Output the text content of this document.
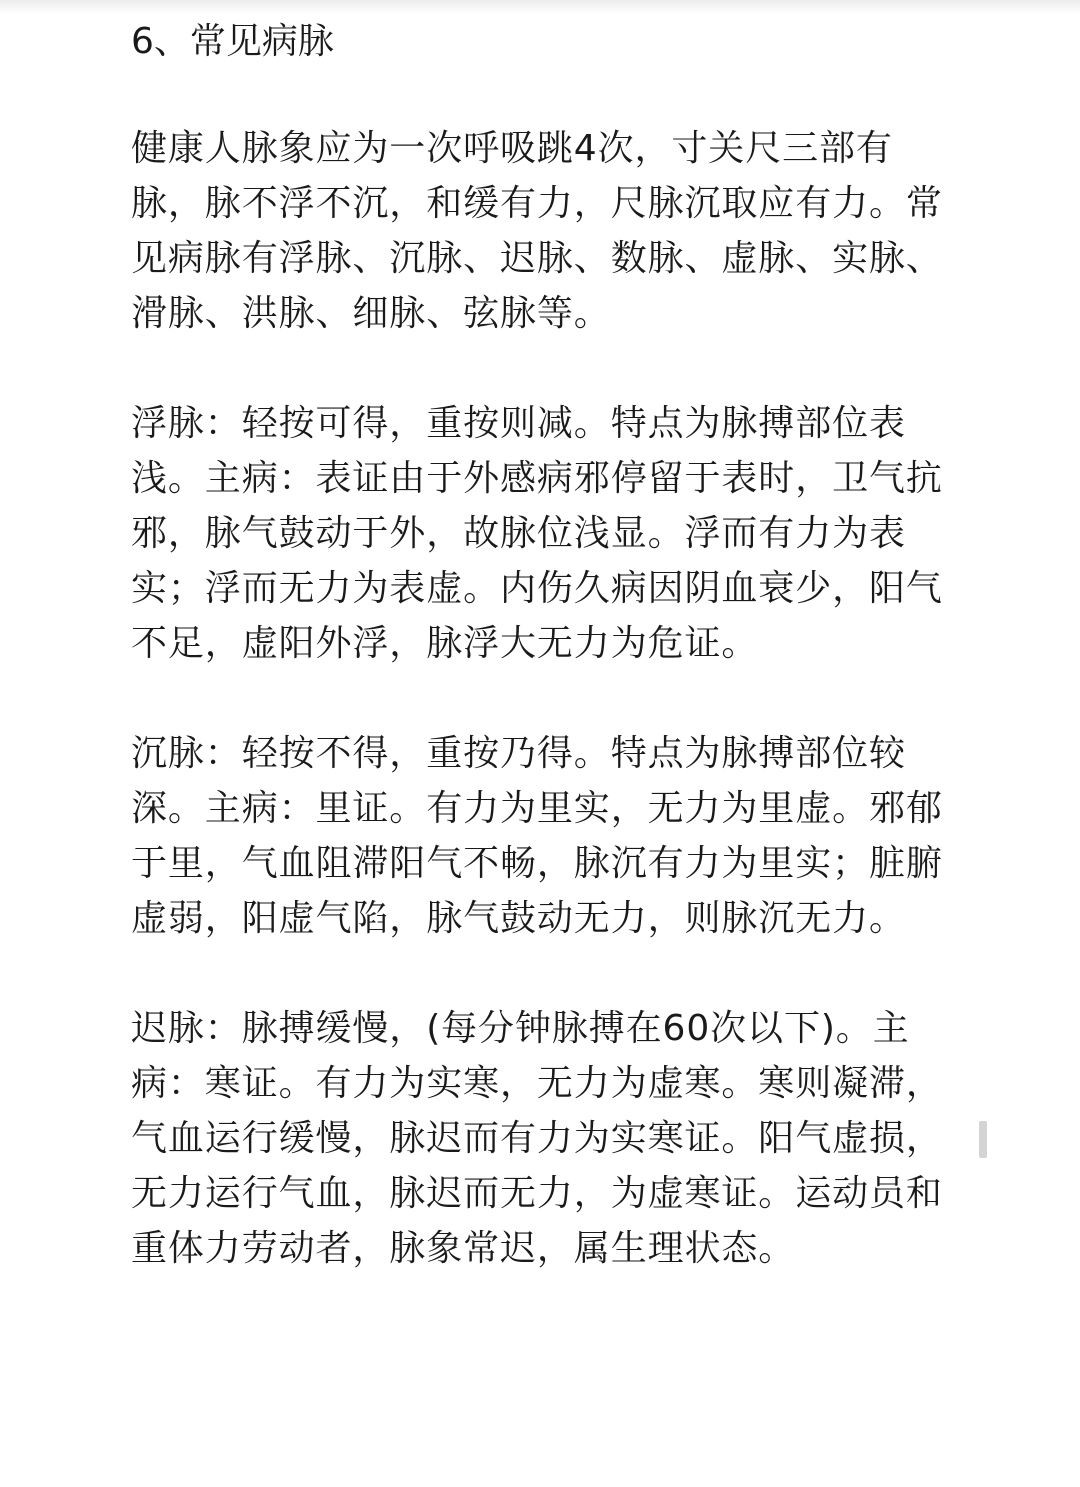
6、常见病脉

健康人脉象应为一次呼吸跳4次，寸关尺三部有脉，脉不浮不沉，和缓有力，尺脉沉取应有力。常见病脉有浮脉、沉脉、迟脉、数脉、虚脉、实脉、滑脉、洪脉、细脉、弦脉等。

浮脉：轻按可得，重按则减。特点为脉搏部位表浅。主病：表证由于外感病邪停留于表时，卫气抗邪，脉气鼓动于外，故脉位浅显。浮而有力为表实；浮而无力为表虚。内伤久病因阴血衰少，阳气不足，虚阳外浮，脉浮大无力为危证。

沉脉：轻按不得，重按乃得。特点为脉搏部位较深。主病：里证。有力为里实，无力为里虚。邪郁于里，气血阻滞阳气不畅，脉沉有力为里实；脏腑虚弱，阳虚气陷，脉气鼓动无力，则脉沉无力。

迟脉：脉搏缓慢，(每分钟脉搏在60次以下)。主病：寒证。有力为实寒，无力为虚寒。寒则凝滞，气血运行缓慢，脉迟而有力为实寒证。阳气虚损，无力运行气血，脉迟而无力，为虚寒证。运动员和重体力劳动者，脉象常迟，属生理状态。
